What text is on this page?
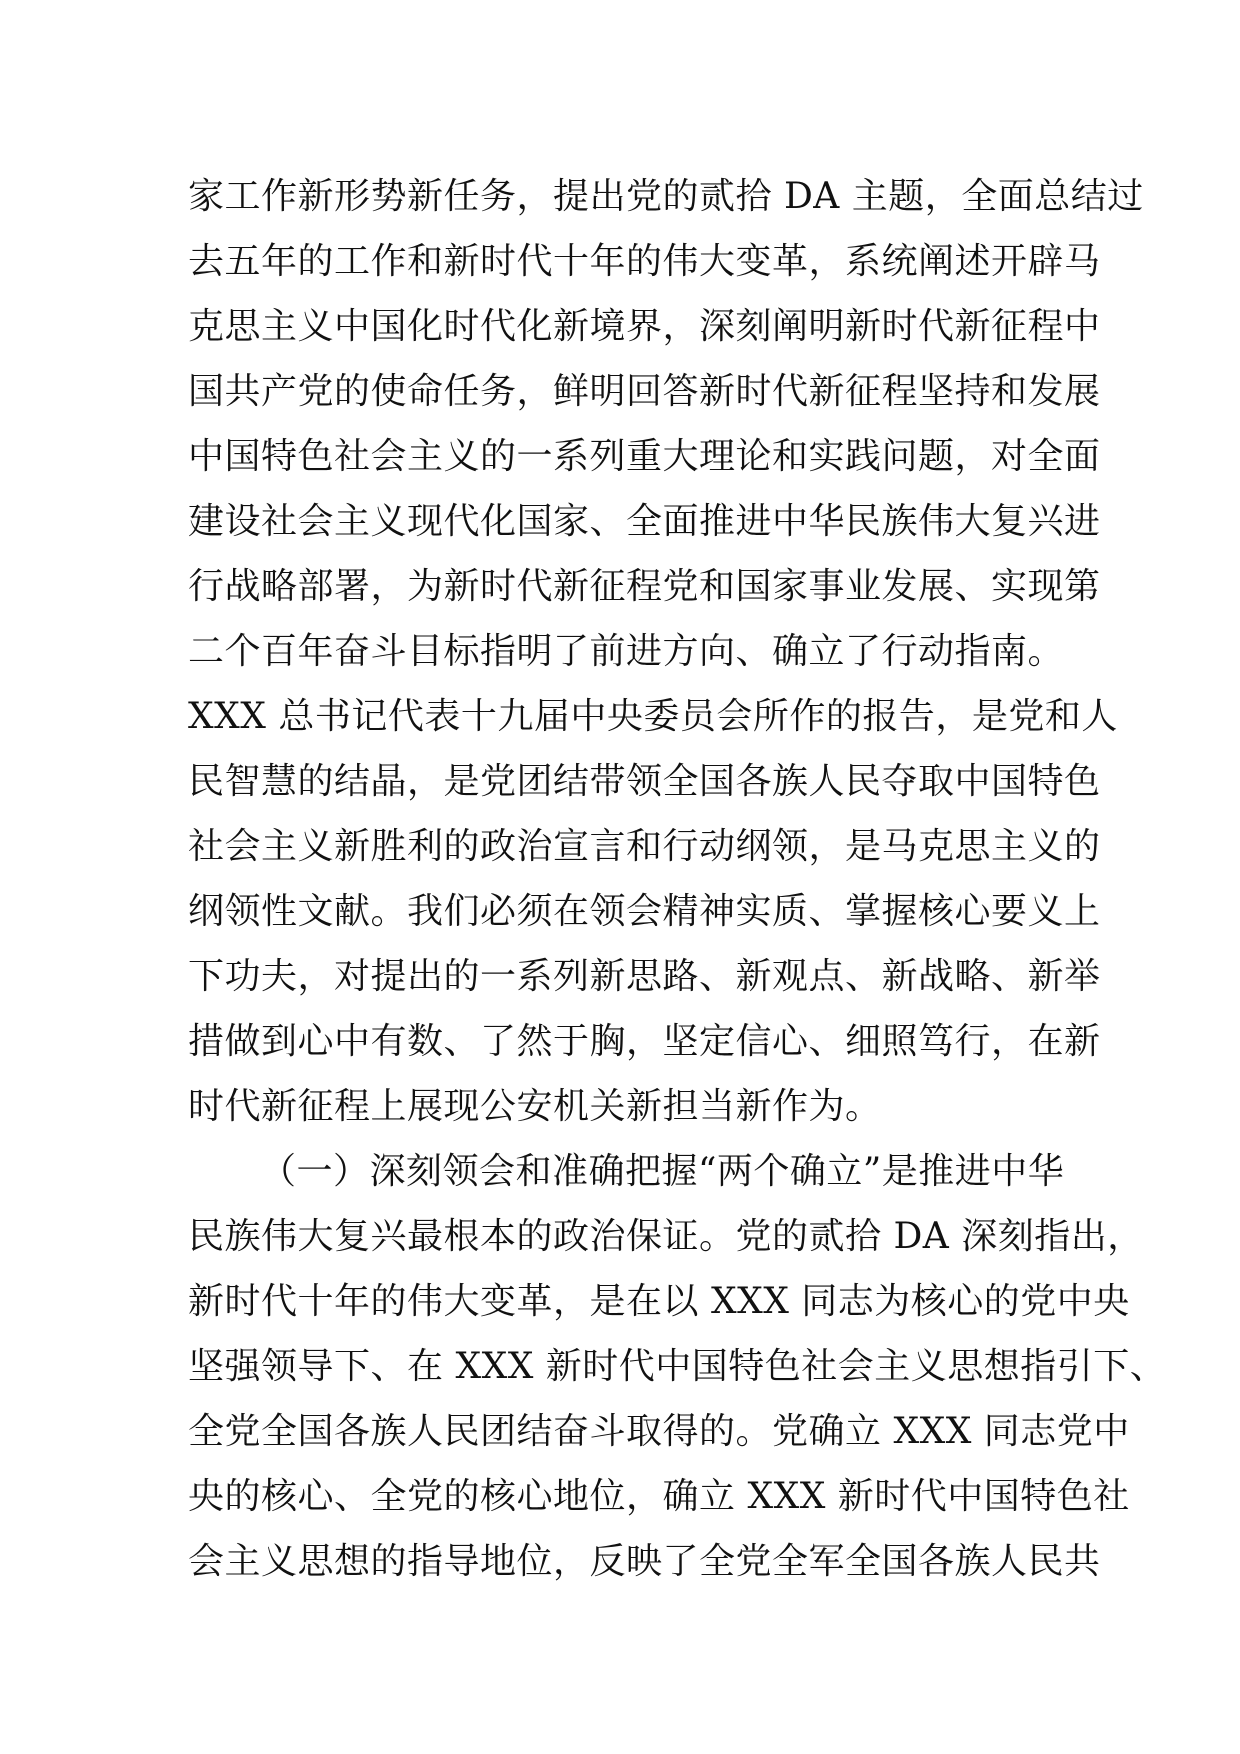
家工作新形势新任务，提出党的贰拾 DA 主题，全面总结过
去五年的工作和新时代十年的伟大变革，系统阐述开辟马
克思主义中国化时代化新境界，深刻阐明新时代新征程中
国共产党的使命任务，鲜明回答新时代新征程坚持和发展
中国特色社会主义的一系列重大理论和实践问题，对全面
建设社会主义现代化国家、全面推进中华民族伟大复兴进
行战略部署，为新时代新征程党和国家事业发展、实现第
二个百年奋斗目标指明了前进方向、确立了行动指南。
XXX 总书记代表十九届中央委员会所作的报告，是党和人
民智慧的结晶，是党团结带领全国各族人民夺取中国特色
社会主义新胜利的政治宣言和行动纲领，是马克思主义的
纲领性文献。我们必须在领会精神实质、掌握核心要义上
下功夫，对提出的一系列新思路、新观点、新战略、新举
措做到心中有数、了然于胸，坚定信心、细照笃行，在新
时代新征程上展现公安机关新担当新作为。
（一）深刻领会和准确把握“两个确立”是推进中华
民族伟大复兴最根本的政治保证。党的贰拾 DA 深刻指出，
新时代十年的伟大变革，是在以 XXX 同志为核心的党中央
坚强领导下、在 XXX 新时代中国特色社会主义思想指引下、
全党全国各族人民团结奋斗取得的。党确立 XXX 同志党中
央的核心、全党的核心地位，确立 XXX 新时代中国特色社
会主义思想的指导地位，反映了全党全军全国各族人民共
